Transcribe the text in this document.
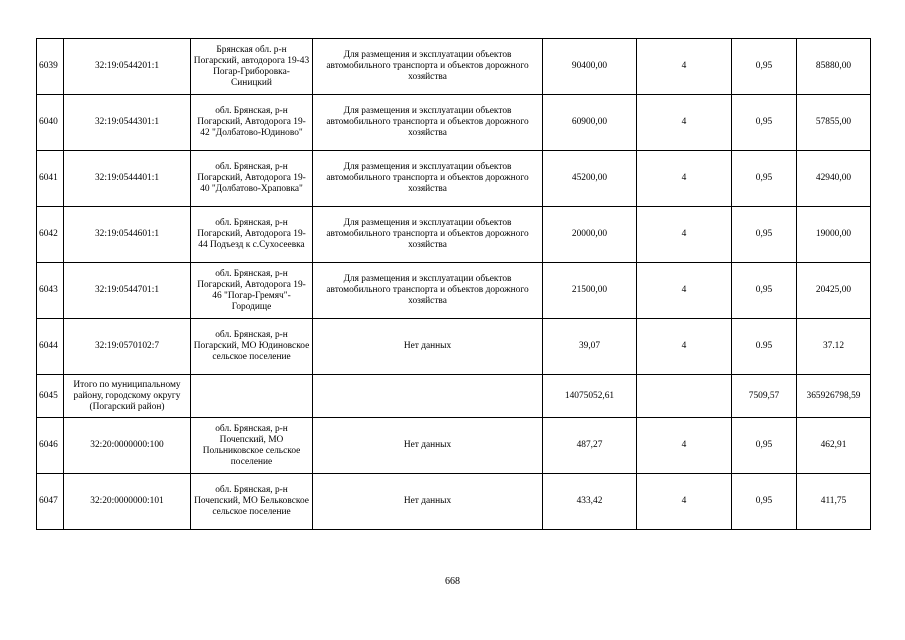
6039	32:19:0544201:1	Брянская обл. р-н Погарский, автодорога 19-43 Погар-Гриборовка-Синицкий	Для размещения и эксплуатации объектов автомобильного транспорта и объектов дорожного хозяйства	90400,00	4	0,95	85880,00
6040	32:19:0544301:1	обл. Брянская, р-н Погарский, Автодорога 19-42 "Долбатово-Юдиново"	Для размещения и эксплуатации объектов автомобильного транспорта и объектов дорожного хозяйства	60900,00	4	0,95	57855,00
6041	32:19:0544401:1	обл. Брянская, р-н Погарский, Автодорога 19-40 "Долбатово-Храповка"	Для размещения и эксплуатации объектов автомобильного транспорта и объектов дорожного хозяйства	45200,00	4	0,95	42940,00
6042	32:19:0544601:1	обл. Брянская, р-н Погарский, Автодорога 19-44 Подъезд к с.Сухосеевка	Для размещения и эксплуатации объектов автомобильного транспорта и объектов дорожного хозяйства	20000,00	4	0,95	19000,00
6043	32:19:0544701:1	обл. Брянская, р-н Погарский, Автодорога 19-46 "Погар-Гремяч"-Городище	Для размещения и эксплуатации объектов автомобильного транспорта и объектов дорожного хозяйства	21500,00	4	0,95	20425,00
6044	32:19:0570102:7	обл. Брянская, р-н Погарский, МО Юдиновское сельское поселение	Нет данных	39,07	4	0.95	37.12
6045	Итого по муниципальному району, городскому округу (Погарский район)			14075052,61		7509,57	365926798,59
6046	32:20:0000000:100	обл. Брянская, р-н Почепский, МО Польниковское сельское поселение	Нет данных	487,27	4	0,95	462,91
6047	32:20:0000000:101	обл. Брянская, р-н Почепский, МО Бельковское сельское поселение	Нет данных	433,42	4	0,95	411,75
668
